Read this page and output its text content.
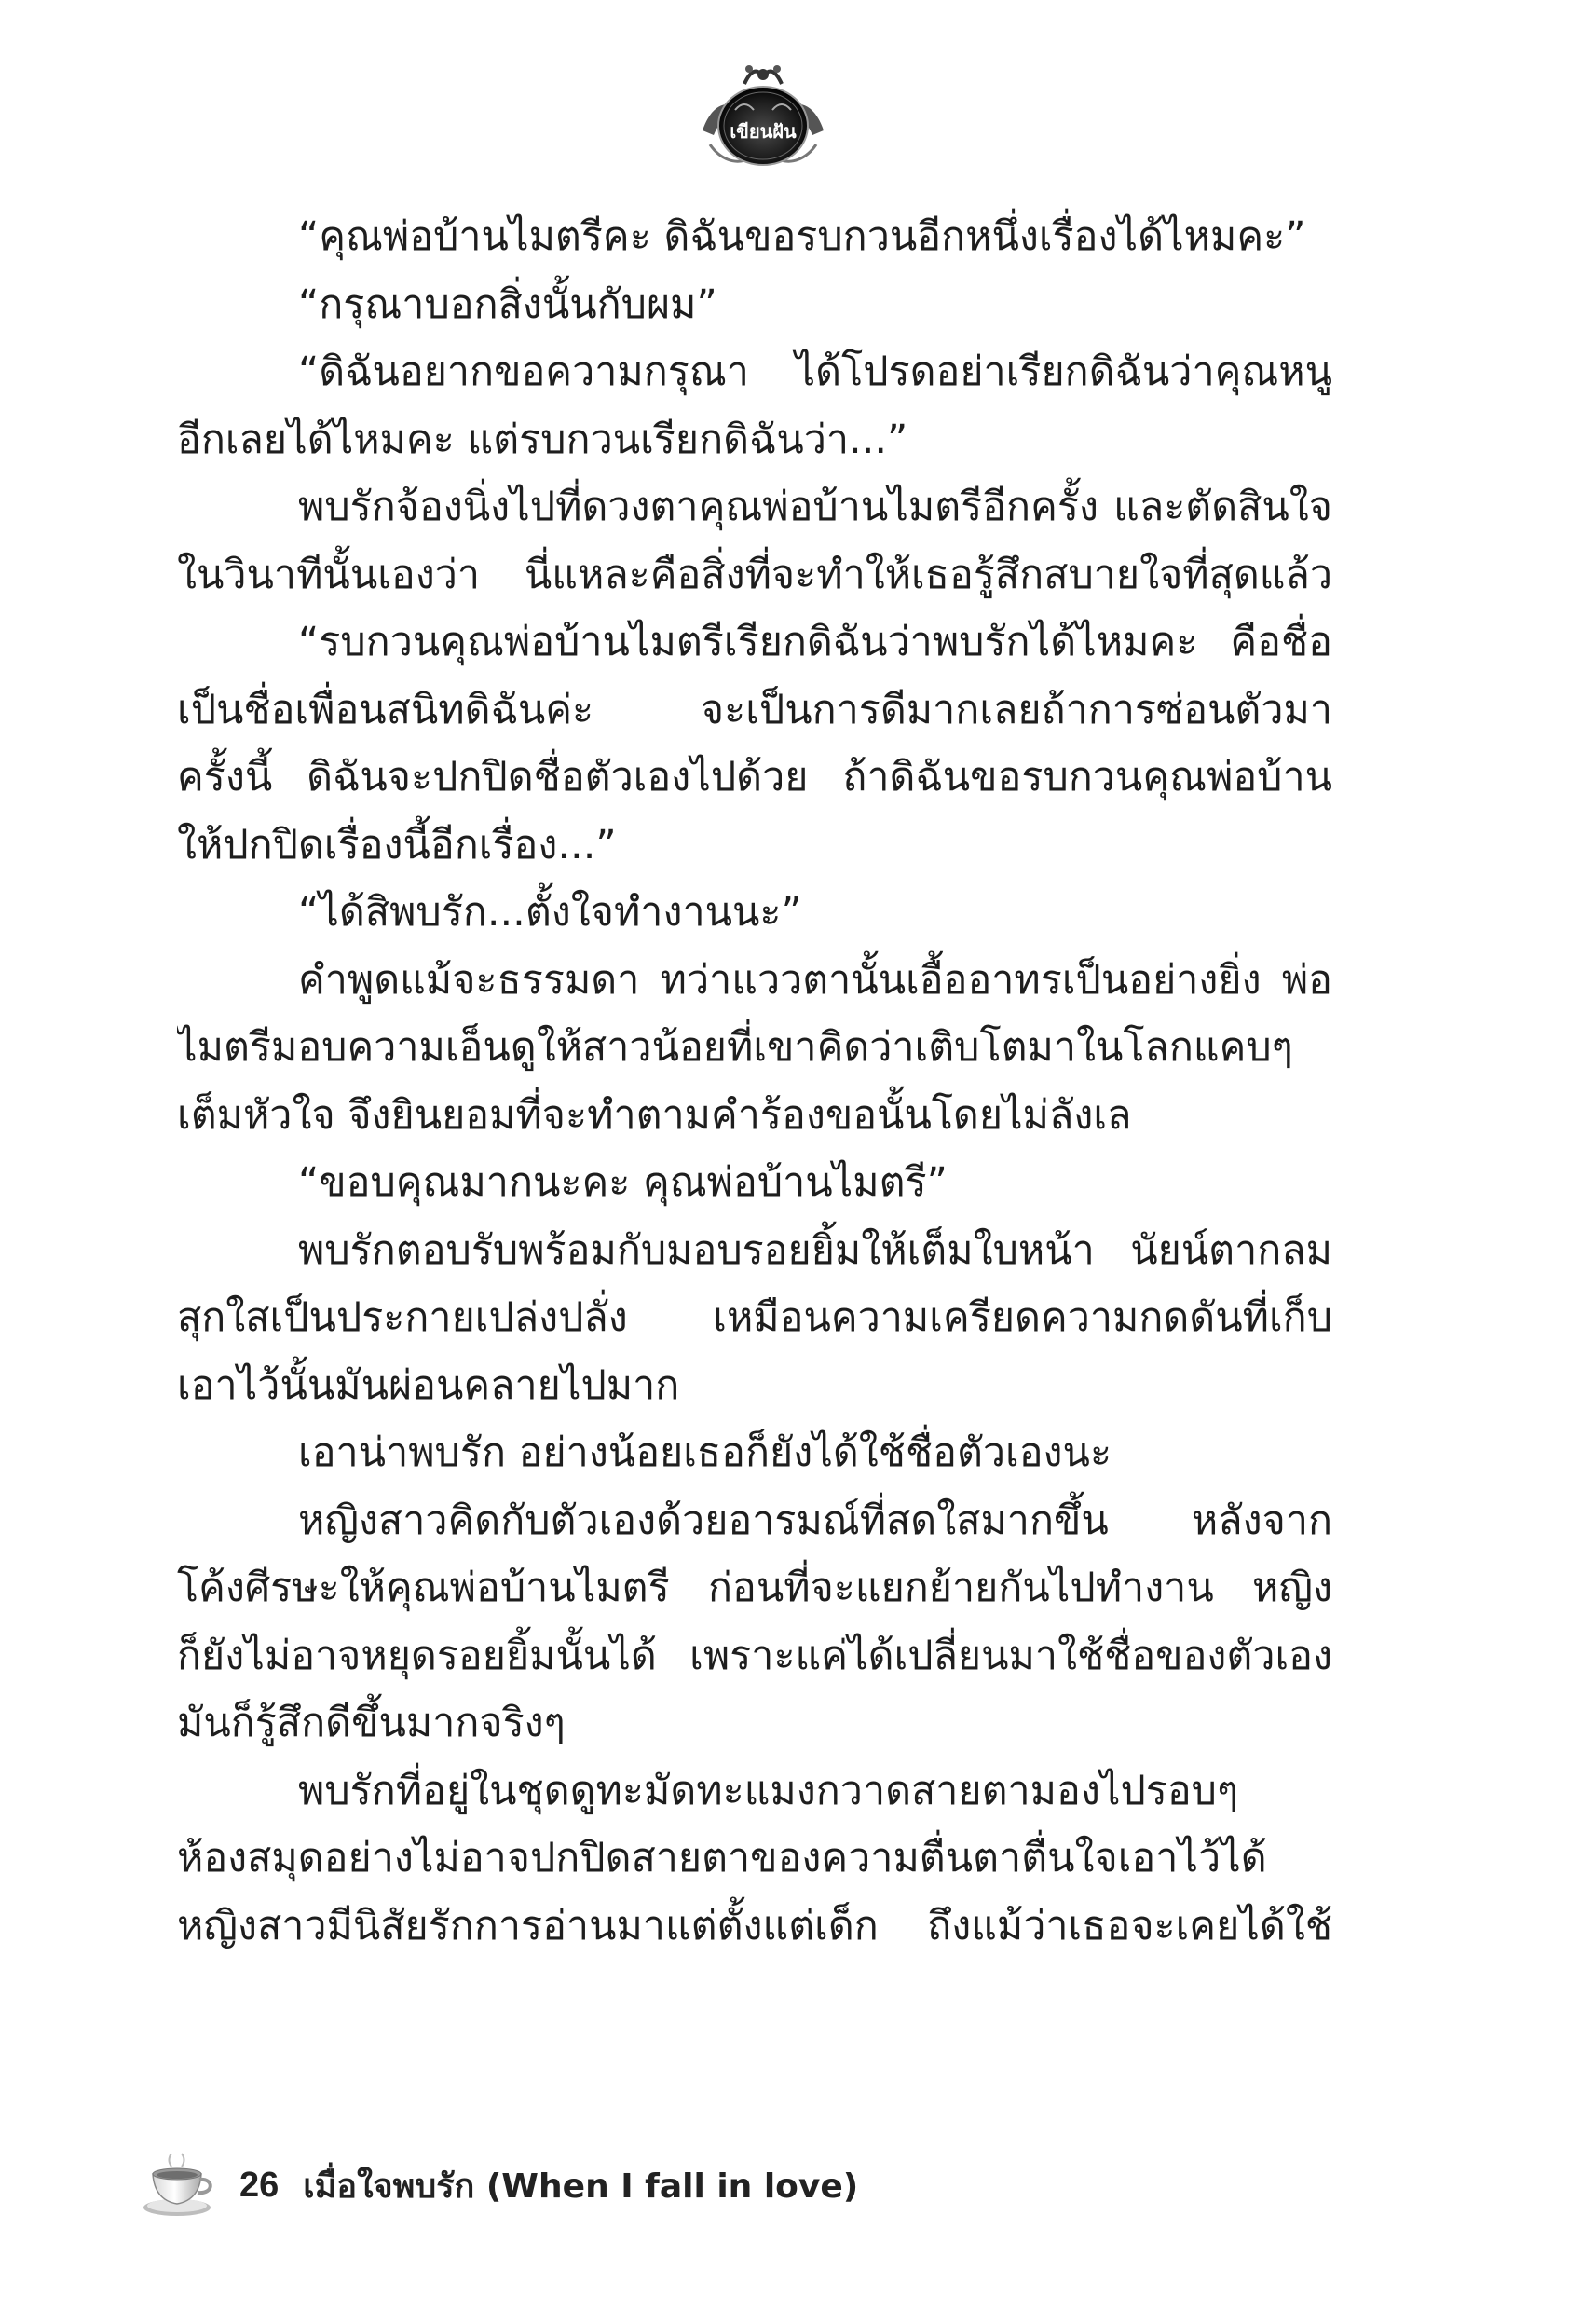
เขียนฝัน
“คุณพ่อบ้านไมตรีคะ ดิฉันขอรบกวนอีกหนึ่งเรื่องได้ไหมคะ”
“กรุณาบอกสิ่งนั้นกับผม”
“ดิฉันอยากขอความกรุณา ได้โปรดอย่าเรียกดิฉันว่าคุณหนู
อีกเลยได้ไหมคะ แต่รบกวนเรียกดิฉันว่า...”
พบรักจ้องนิ่งไปที่ดวงตาคุณพ่อบ้านไมตรีอีกครั้ง และตัดสินใจ
ในวินาทีนั้นเองว่า นี่แหละคือสิ่งที่จะทำให้เธอรู้สึกสบายใจที่สุดแล้ว
“รบกวนคุณพ่อบ้านไมตรีเรียกดิฉันว่าพบรักได้ไหมคะ คือชื่อ
เป็นชื่อเพื่อนสนิทดิฉันค่ะ จะเป็นการดีมากเลยถ้าการซ่อนตัวมา
ครั้งนี้ ดิฉันจะปกปิดชื่อตัวเองไปด้วย ถ้าดิฉันขอรบกวนคุณพ่อบ้าน
ให้ปกปิดเรื่องนี้อีกเรื่อง...”
“ได้สิพบรัก...ตั้งใจทำงานนะ”
คำพูดแม้จะธรรมดา ทว่าแววตานั้นเอื้ออาทรเป็นอย่างยิ่ง พ่อ
ไมตรีมอบความเอ็นดูให้สาวน้อยที่เขาคิดว่าเติบโตมาในโลกแคบๆ
เต็มหัวใจ จึงยินยอมที่จะทำตามคำร้องขอนั้นโดยไม่ลังเล
“ขอบคุณมากนะคะ คุณพ่อบ้านไมตรี”
พบรักตอบรับพร้อมกับมอบรอยยิ้มให้เต็มใบหน้า นัยน์ตากลม
สุกใสเป็นประกายเปล่งปลั่ง เหมือนความเครียดความกดดันที่เก็บ
เอาไว้นั้นมันผ่อนคลายไปมาก
เอาน่าพบรัก อย่างน้อยเธอก็ยังได้ใช้ชื่อตัวเองนะ
หญิงสาวคิดกับตัวเองด้วยอารมณ์ที่สดใสมากขึ้น หลังจาก
โค้งศีรษะให้คุณพ่อบ้านไมตรี ก่อนที่จะแยกย้ายกันไปทำงาน หญิง
ก็ยังไม่อาจหยุดรอยยิ้มนั้นได้ เพราะแค่ได้เปลี่ยนมาใช้ชื่อของตัวเอง
มันก็รู้สึกดีขึ้นมากจริงๆ
พบรักที่อยู่ในชุดดูทะมัดทะแมงกวาดสายตามองไปรอบๆ
ห้องสมุดอย่างไม่อาจปกปิดสายตาของความตื่นตาตื่นใจเอาไว้ได้
หญิงสาวมีนิสัยรักการอ่านมาแต่ตั้งแต่เด็ก ถึงแม้ว่าเธอจะเคยได้ใช้
26 เมื่อใจพบรัก (When I fall in love)
